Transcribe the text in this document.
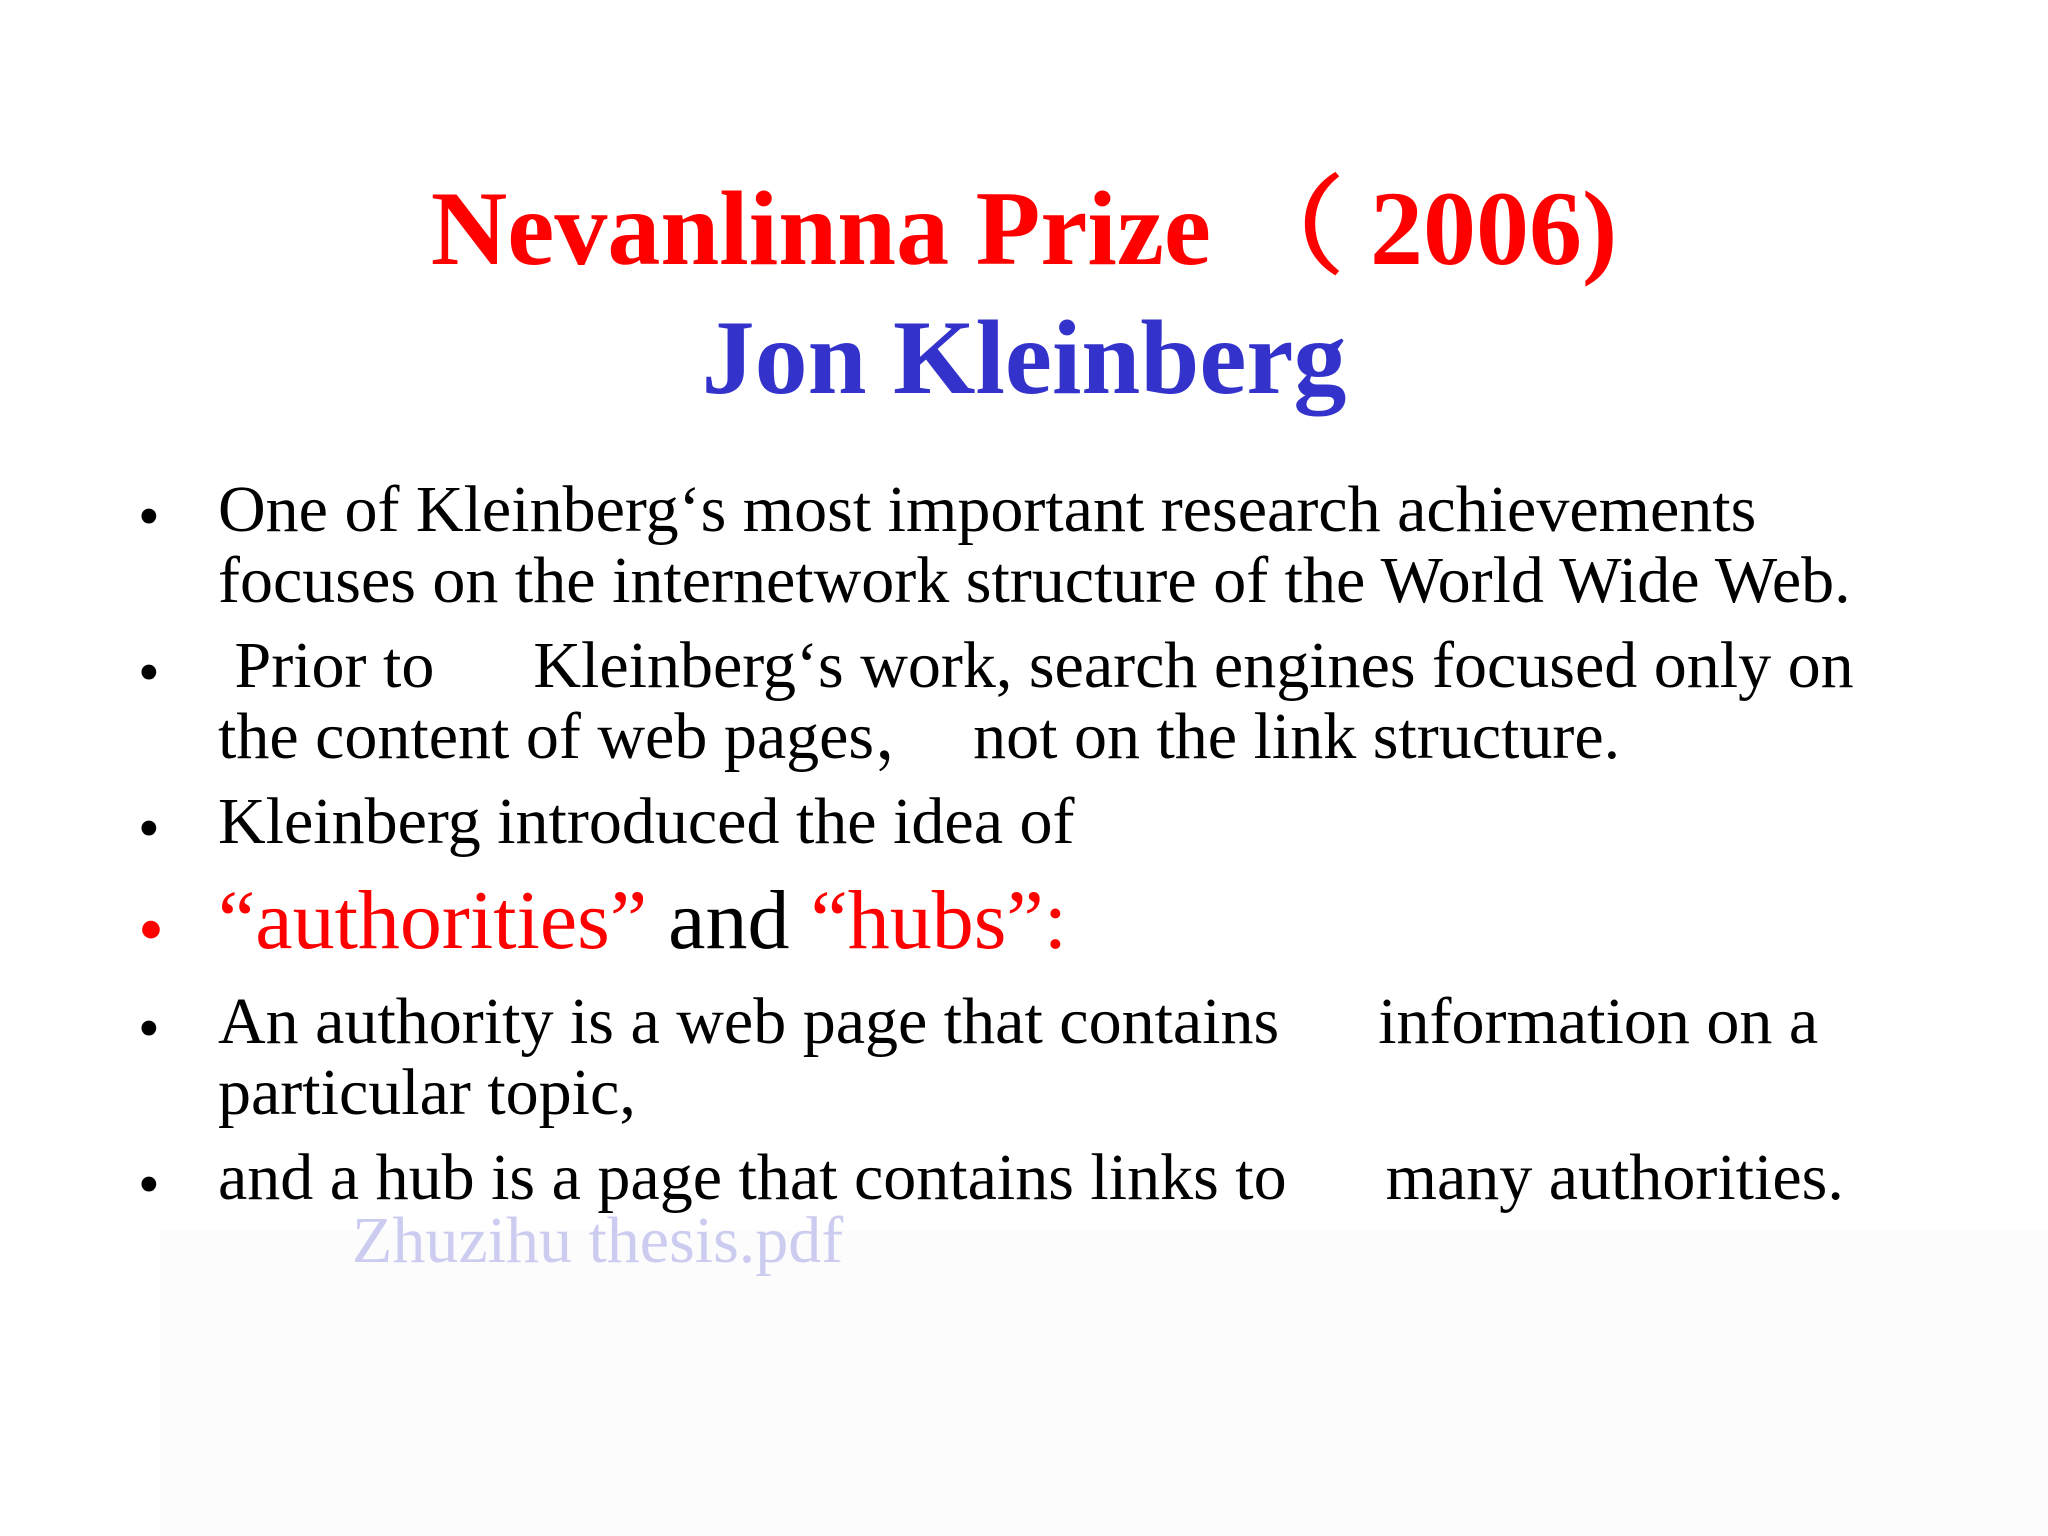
Nevanlinna Prize （ 2006)
Jon Kleinberg
• One of Kleinberg‘s most important research achievements
focuses on the internetwork structure of the World Wide Web.
• Prior to      Kleinberg‘s work, search engines focused only on
the content of web pages，  not on the link structure.
• Kleinberg introduced the idea of
• “authorities” and “hubs”:
• An authority is a web page that contains      information on a
particular topic,
• and a hub is a page that contains links to      many authorities.
Zhuzihu thesis.pdf
